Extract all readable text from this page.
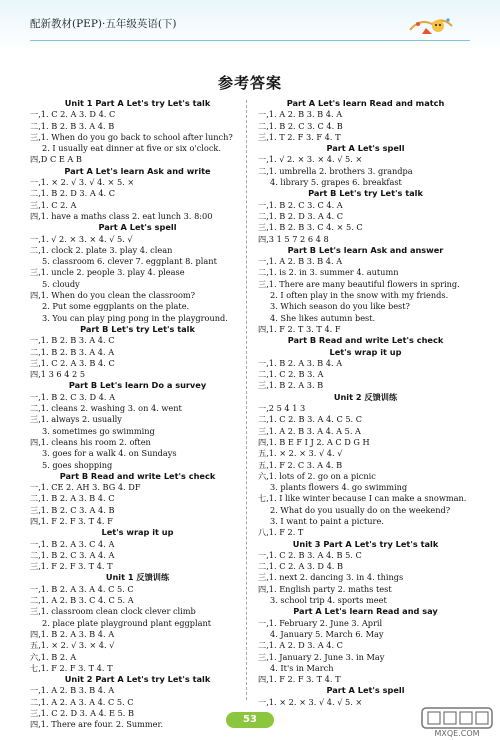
配新教材(PEP)·五年级英语(下)
参考答案
Unit 1 Part A Let's try Let's talk
一,1. C 2. A 3. D 4. C
二,1. B 2. B 3. A 4. B
三,1. When do you go back to school after lunch?
2. I usually eat dinner at five or six o'clock.
四,D C E A B
Part A Let's learn Ask and write
一,1. × 2. √ 3. √ 4. × 5. ×
二,1. B 2. D 3. A 4. C
三,1. C 2. A
四,1. have a maths class 2. eat lunch 3. 8:00
Part A Let's spell
一,1. √ 2. × 3. × 4. √ 5. √
二,1. clock 2. plate 3. play 4. clean
5. classroom 6. clever 7. eggplant 8. plant
三,1. uncle 2. people 3. play 4. please
5. cloudy
四,1. When do you clean the classroom?
2. Put some eggplants on the plate.
3. You can play ping pong in the playground.
Part B Let's try Let's talk
一,1. B 2. B 3. A 4. C
二,1. B 2. B 3. A 4. A
三,1. C 2. A 3. B 4. C
四,1 3 6 4 2 5
Part B Let's learn Do a survey
一,1. B 2. C 3. D 4. A
二,1. cleans 2. washing 3. on 4. went
三,1. always 2. usually
3. sometimes go swimming
四,1. cleans his room 2. often
3. goes for a walk 4. on Sundays
5. goes shopping
Part B Read and write Let's check
一,1. CE 2. AH 3. BG 4. DF
二,1. B 2. A 3. B 4. C
三,1. B 2. C 3. A 4. B
四,1. F 2. F 3. T 4. F
Let's wrap it up
一,1. B 2. A 3. C 4. A
二,1. B 2. C 3. A 4. A
三,1. F 2. F 3. T 4. T
Unit 1 反馈训练
一,1. B 2. A 3. A 4. C 5. C
二,1. A 2. B 3. C 4. C 5. A
三,1. classroom clean clock clever climb
2. place plate playground plant eggplant
四,1. B 2. A 3. B 4. A
五,1. × 2. √ 3. × 4. √
六,1. B 2. A
七,1. F 2. F 3. T 4. T
Unit 2 Part A Let's try Let's talk
一,1. A 2. B 3. B 4. A
二,1. A 2. A 3. A 4. C 5. C
三,1. C 2. D 3. A 4. E 5. B
四,1. There are four. 2. Summer.
Part A Let's learn Read and match
一,1. A 2. B 3. B 4. A
二,1. B 2. C 3. C 4. B
三,1. T 2. F 3. F 4. T
Part A Let's spell
一,1. √ 2. × 3. × 4. √ 5. ×
二,1. umbrella 2. brothers 3. grandpa
4. library 5. grapes 6. breakfast
Part B Let's try Let's talk
一,1. B 2. C 3. C 4. A
二,1. B 2. D 3. A 4. C
三,1. B 2. B 3. C 4. × 5. C
四,3 1 5 7 2 6 4 8
Part B Let's learn Ask and answer
一,1. A 2. B 3. B 4. A
二,1. is 2. in 3. summer 4. autumn
三,1. There are many beautiful flowers in spring.
2. I often play in the snow with my friends.
3. Which season do you like best?
4. She likes autumn best.
四,1. F 2. T 3. T 4. F
Part B Read and write Let's check
Let's wrap it up
一,1. B 2. A 3. B 4. A
二,1. C 2. B 3. A
三,1. B 2. A 3. B
Unit 2 反馈训练
一,2 5 4 1 3
二,1. C 2. B 3. A 4. C 5. C
三,1. A 2. B 3. A 4. A 5. A
四,1. B E F I J 2. A C D G H
五,1. × 2. × 3. √ 4. √
五,1. F 2. C 3. A 4. B
六,1. lots of 2. go on a picnic
3. plants flowers 4. go swimming
七,1. I like winter because I can make a snowman.
2. What do you usually do on the weekend?
3. I want to paint a picture.
八,1. F 2. T
Unit 3 Part A Let's try Let's talk
一,1. C 2. B 3. A 4. B 5. C
二,1. C 2. A 3. D 4. B
三,1. next 2. dancing 3. in 4. things
四,1. English party 2. maths test
3. school trip 4. sports meet
Part A Let's learn Read and say
一,1. February 2. June 3. April
4. January 5. March 6. May
二,1. A 2. D 3. A 4. C
三,1. January 2. June 3. in May
4. It's in March
四,1. F 2. F 3. T 4. T
Part A Let's spell
一,1. × 2. × 3. √ 4. √ 5. ×
53
MXQE.COM
